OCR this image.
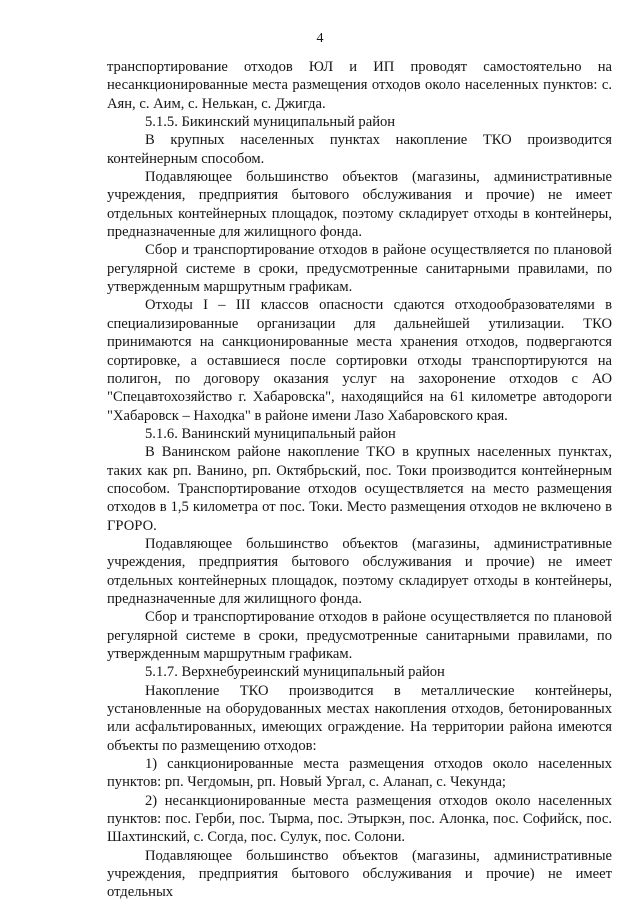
4

транспортирование отходов ЮЛ и ИП проводят самостоятельно на несанкционированные места размещения отходов около населенных пунктов: с. Аян, с. Аим, с. Нелькан, с. Джигда.

5.1.5. Бикинский муниципальный район

В крупных населенных пунктах накопление ТКО производится контейнерным способом.

Подавляющее большинство объектов (магазины, административные учреждения, предприятия бытового обслуживания и прочие) не имеет отдельных контейнерных площадок, поэтому складирует отходы в контейнеры, предназначенные для жилищного фонда.

Сбор и транспортирование отходов в районе осуществляется по плановой регулярной системе в сроки, предусмотренные санитарными правилами, по утвержденным маршрутным графикам.

Отходы I – III классов опасности сдаются отходообразователями в специализированные организации для дальнейшей утилизации. ТКО принимаются на санкционированные места хранения отходов, подвергаются сортировке, а оставшиеся после сортировки отходы транспортируются на полигон, по договору оказания услуг на захоронение отходов с АО "Спецавтохозяйство г. Хабаровска", находящийся на 61 километре автодороги "Хабаровск – Находка" в районе имени Лазо Хабаровского края.

5.1.6. Ванинский муниципальный район

В Ванинском районе накопление ТКО в крупных населенных пунктах, таких как рп. Ванино, рп. Октябрьский, пос. Токи производится контейнерным способом. Транспортирование отходов осуществляется на место размещения отходов в 1,5 километра от пос. Токи. Место размещения отходов не включено в ГРОРО.

Подавляющее большинство объектов (магазины, административные учреждения, предприятия бытового обслуживания и прочие) не имеет отдельных контейнерных площадок, поэтому складирует отходы в контейнеры, предназначенные для жилищного фонда.

Сбор и транспортирование отходов в районе осуществляется по плановой регулярной системе в сроки, предусмотренные санитарными правилами, по утвержденным маршрутным графикам.

5.1.7. Верхнебуреинский муниципальный район

Накопление ТКО производится в металлические контейнеры, установленные на оборудованных местах накопления отходов, бетонированных или асфальтированных, имеющих ограждение. На территории района имеются объекты по размещению отходов:

1) санкционированные места размещения отходов около населенных пунктов: рп. Чегдомын, рп. Новый Ургал, с. Аланап, с. Чекунда;

2) несанкционированные места размещения отходов около населенных пунктов: пос. Герби, пос. Тырма, пос. Этыркэн, пос. Алонка, пос. Софийск, пос. Шахтинский, с. Согда, пос. Сулук, пос. Солони.

Подавляющее большинство объектов (магазины, административные учреждения, предприятия бытового обслуживания и прочие) не имеет отдельных
